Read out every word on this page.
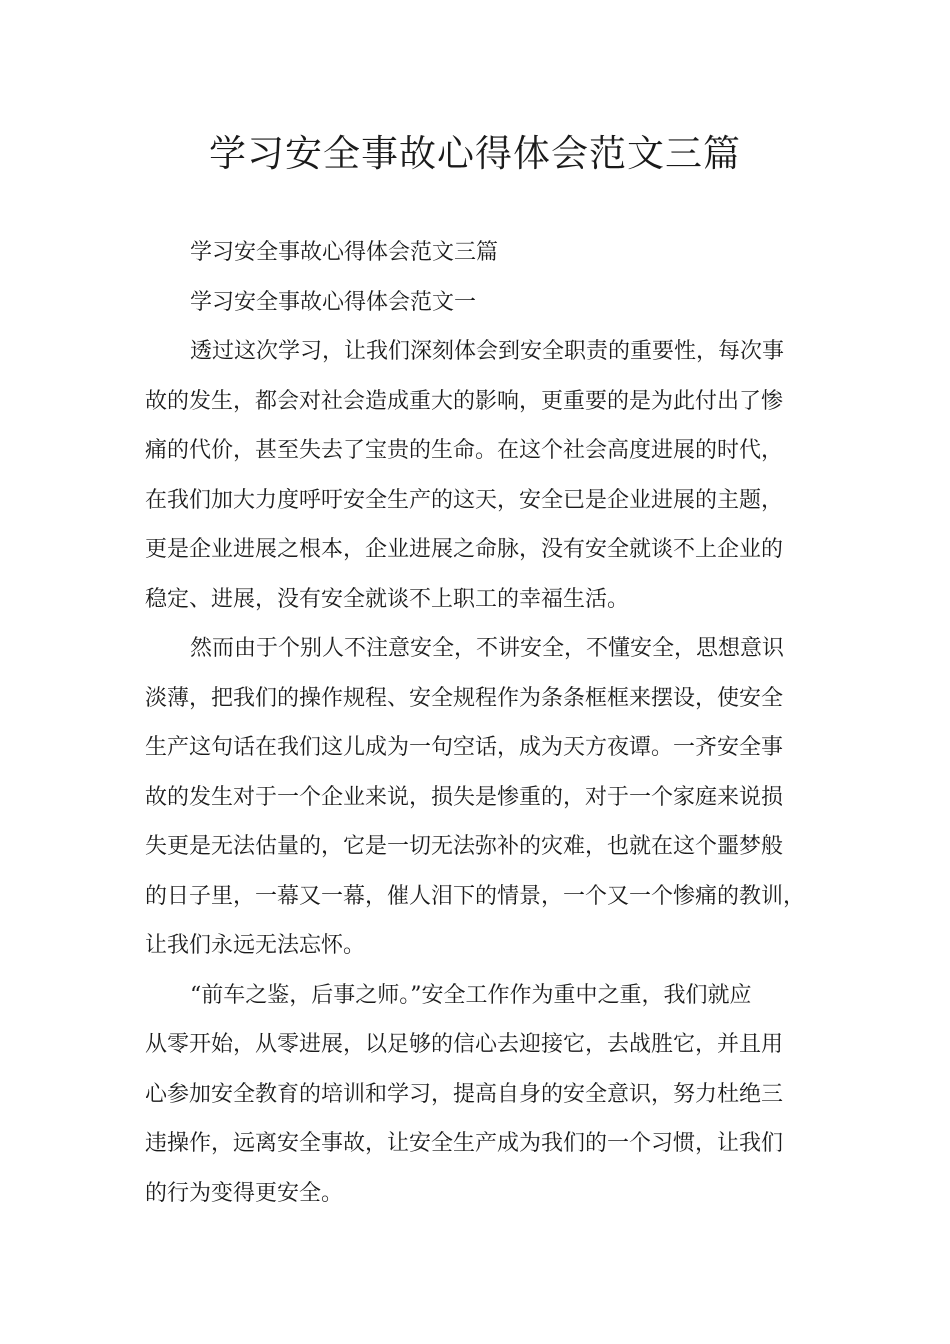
学习安全事故心得体会范文三篇
学习安全事故心得体会范文三篇
学习安全事故心得体会范文一
透过这次学习，让我们深刻体会到安全职责的重要性，每次事
故的发生，都会对社会造成重大的影响，更重要的是为此付出了惨
痛的代价，甚至失去了宝贵的生命。在这个社会高度进展的时代，
在我们加大力度呼吁安全生产的这天，安全已是企业进展的主题，
更是企业进展之根本，企业进展之命脉，没有安全就谈不上企业的
稳定、进展，没有安全就谈不上职工的幸福生活。
然而由于个别人不注意安全，不讲安全，不懂安全，思想意识
淡薄，把我们的操作规程、安全规程作为条条框框来摆设，使安全
生产这句话在我们这儿成为一句空话，成为天方夜谭。一齐安全事
故的发生对于一个企业来说，损失是惨重的，对于一个家庭来说损
失更是无法估量的，它是一切无法弥补的灾难，也就在这个噩梦般
的日子里，一幕又一幕，催人泪下的情景，一个又一个惨痛的教训，
让我们永远无法忘怀。
“前车之鉴，后事之师。”安全工作作为重中之重，我们就应
从零开始，从零进展，以足够的信心去迎接它，去战胜它，并且用
心参加安全教育的培训和学习，提高自身的安全意识，努力杜绝三
违操作，远离安全事故，让安全生产成为我们的一个习惯，让我们
的行为变得更安全。
